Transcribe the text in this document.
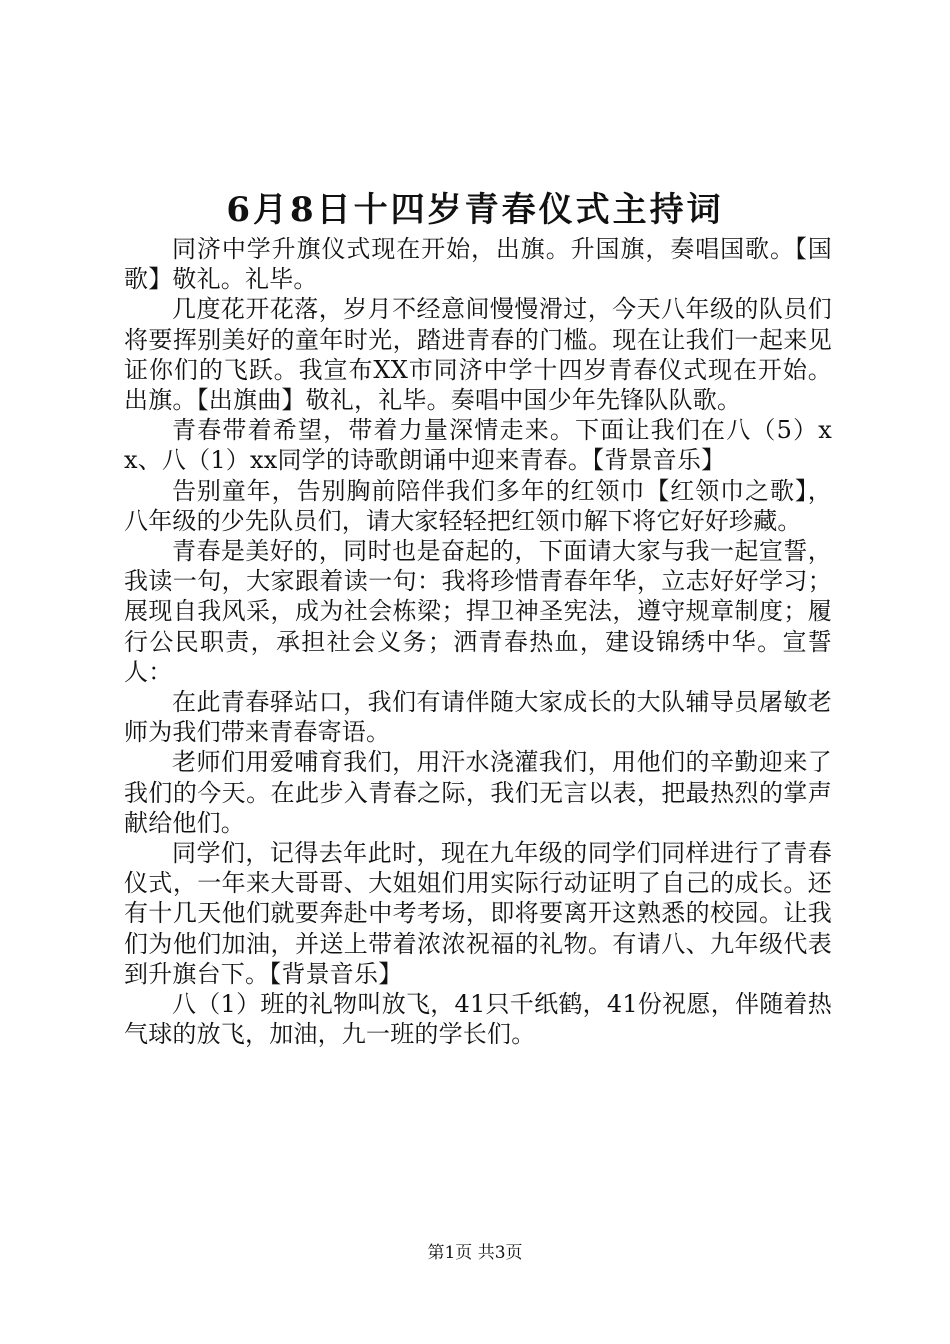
6月8日十四岁青春仪式主持词

同济中学升旗仪式现在开始，出旗。升国旗，奏唱国歌。【国歌】敬礼。礼毕。

几度花开花落，岁月不经意间慢慢滑过，今天八年级的队员们将要挥别美好的童年时光，踏进青春的门槛。现在让我们一起来见证你们的飞跃。我宣布XX市同济中学十四岁青春仪式现在开始。出旗。【出旗曲】敬礼，礼毕。奏唱中国少年先锋队队歌。

青春带着希望，带着力量深情走来。下面让我们在八（5）xx、八（1）xx同学的诗歌朗诵中迎来青春。【背景音乐】

告别童年，告别胸前陪伴我们多年的红领巾【红领巾之歌】，八年级的少先队员们，请大家轻轻把红领巾解下将它好好珍藏。

青春是美好的，同时也是奋起的，下面请大家与我一起宣誓，我读一句，大家跟着读一句：我将珍惜青春年华，立志好好学习；展现自我风采，成为社会栋梁；捍卫神圣宪法，遵守规章制度；履行公民职责，承担社会义务；洒青春热血，建设锦绣中华。宣誓人：

在此青春驿站口，我们有请伴随大家成长的大队辅导员屠敏老师为我们带来青春寄语。

老师们用爱哺育我们，用汗水浇灌我们，用他们的辛勤迎来了我们的今天。在此步入青春之际，我们无言以表，把最热烈的掌声献给他们。

同学们，记得去年此时，现在九年级的同学们同样进行了青春仪式，一年来大哥哥、大姐姐们用实际行动证明了自己的成长。还有十几天他们就要奔赴中考考场，即将要离开这熟悉的校园。让我们为他们加油，并送上带着浓浓祝福的礼物。有请八、九年级代表到升旗台下。【背景音乐】

八（1）班的礼物叫放飞，41只千纸鹤，41份祝愿，伴随着热气球的放飞，加油，九一班的学长们。

第1页 共3页
